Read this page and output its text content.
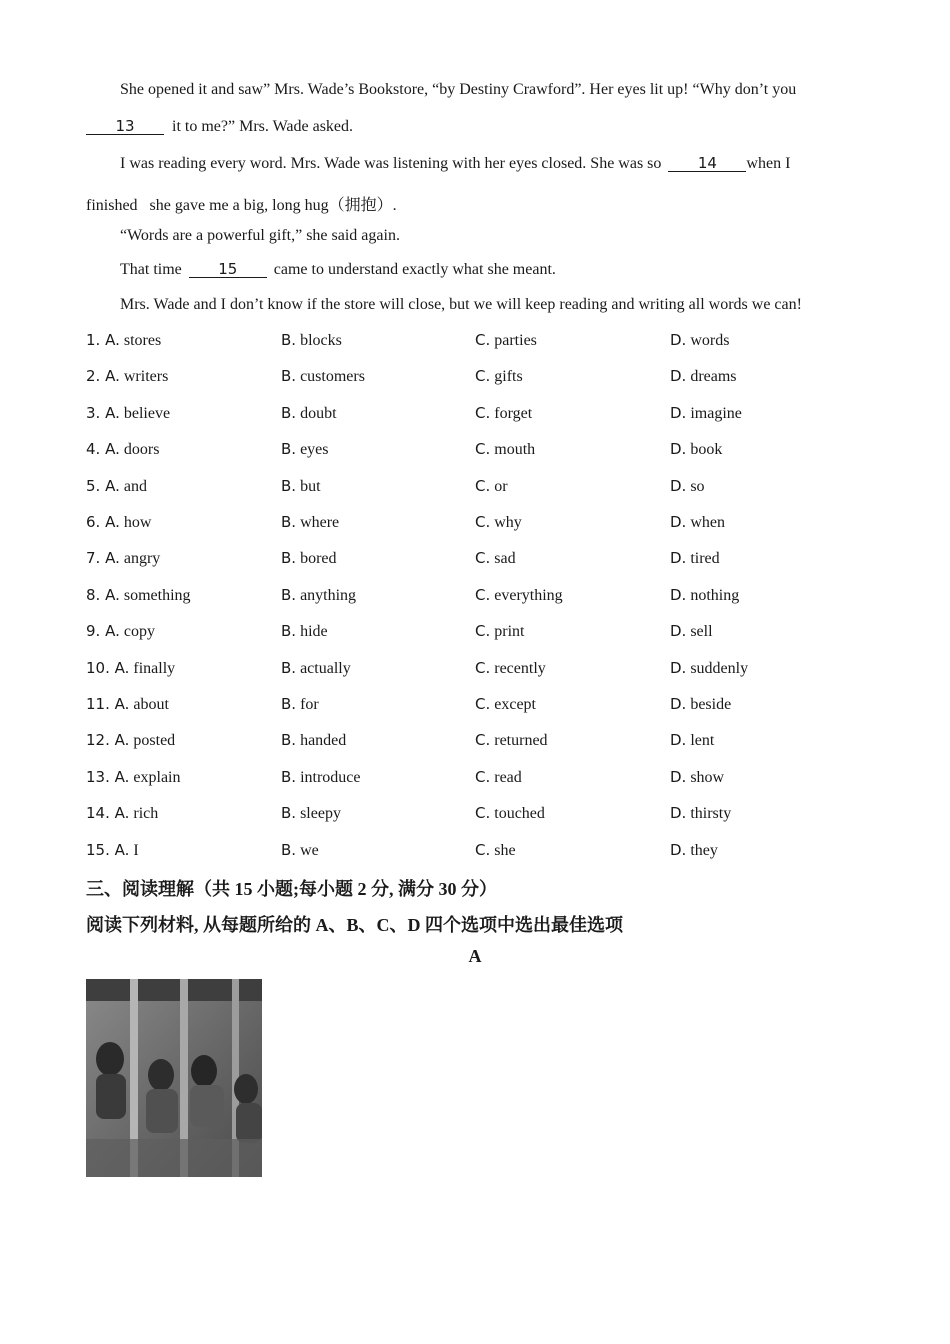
She opened it and saw” Mrs. Wade’s Bookstore, “by Destiny Crawford”. Her eyes lit up! “Why don’t you
13 it to me?” Mrs. Wade asked.
I was reading every word. Mrs. Wade was listening with her eyes closed. She was so 14 when I
finished   she gave me a big, long hug（拥抱）.
“Words are a powerful gift,” she said again.
That time 15 came to understand exactly what she meant.
Mrs. Wade and I don’t know if the store will close, but we will keep reading and writing all words we can!
1. A. stores	B. blocks	C. parties	D. words
2. A. writers	B. customers	C. gifts	D. dreams
3. A. believe	B. doubt	C. forget	D. imagine
4. A. doors	B. eyes	C. mouth	D. book
5. A. and	B. but	C. or	D. so
6. A. how	B. where	C. why	D. when
7. A. angry	B. bored	C. sad	D. tired
8. A. something	B. anything	C. everything	D. nothing
9. A. copy	B. hide	C. print	D. sell
10. A. finally	B. actually	C. recently	D. suddenly
11. A. about	B. for	C. except	D. beside
12. A. posted	B. handed	C. returned	D. lent
13. A. explain	B. introduce	C. read	D. show
14. A. rich	B. sleepy	C. touched	D. thirsty
15. A. I	B. we	C. she	D. they
三、阅读理解（共 15 小题;每小题 2 分, 满分 30 分）
阅读下列材料, 从每题所给的 A、B、C、D 四个选项中选出最佳选项
A
